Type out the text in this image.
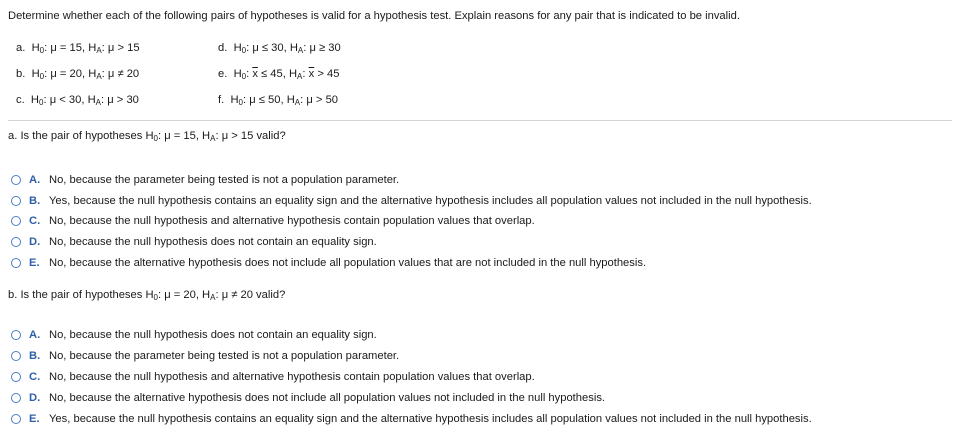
Determine whether each of the following pairs of hypotheses is valid for a hypothesis test. Explain reasons for any pair that is indicated to be invalid.
a. $H_0$: μ = 15, $H_A$: μ > 15
b. $H_0$: μ = 20, $H_A$: μ ≠ 20
c. $H_0$: μ < 30, $H_A$: μ > 30
d. $H_0$: μ ≤ 30, $H_A$: μ ≥ 30
e. $H_0$: $\overline{x} \le 45$, $H_A$: $\overline{x} > 45$
f. $H_0$: μ ≤ 50, $H_A$: μ > 50
a. Is the pair of hypotheses $H_0$: μ = 15, $H_A$: μ > 15 valid?
A. No, because the parameter being tested is not a population parameter.
B. Yes, because the null hypothesis contains an equality sign and the alternative hypothesis includes all population values not included in the null hypothesis.
C. No, because the null hypothesis and alternative hypothesis contain population values that overlap.
D. No, because the null hypothesis does not contain an equality sign.
E. No, because the alternative hypothesis does not include all population values that are not included in the null hypothesis.
b. Is the pair of hypotheses $H_0$: μ = 20, $H_A$: μ ≠ 20 valid?
A. No, because the null hypothesis does not contain an equality sign.
B. No, because the parameter being tested is not a population parameter.
C. No, because the null hypothesis and alternative hypothesis contain population values that overlap.
D. No, because the alternative hypothesis does not include all population values not included in the null hypothesis.
E. Yes, because the null hypothesis contains an equality sign and the alternative hypothesis includes all population values not included in the null hypothesis.
